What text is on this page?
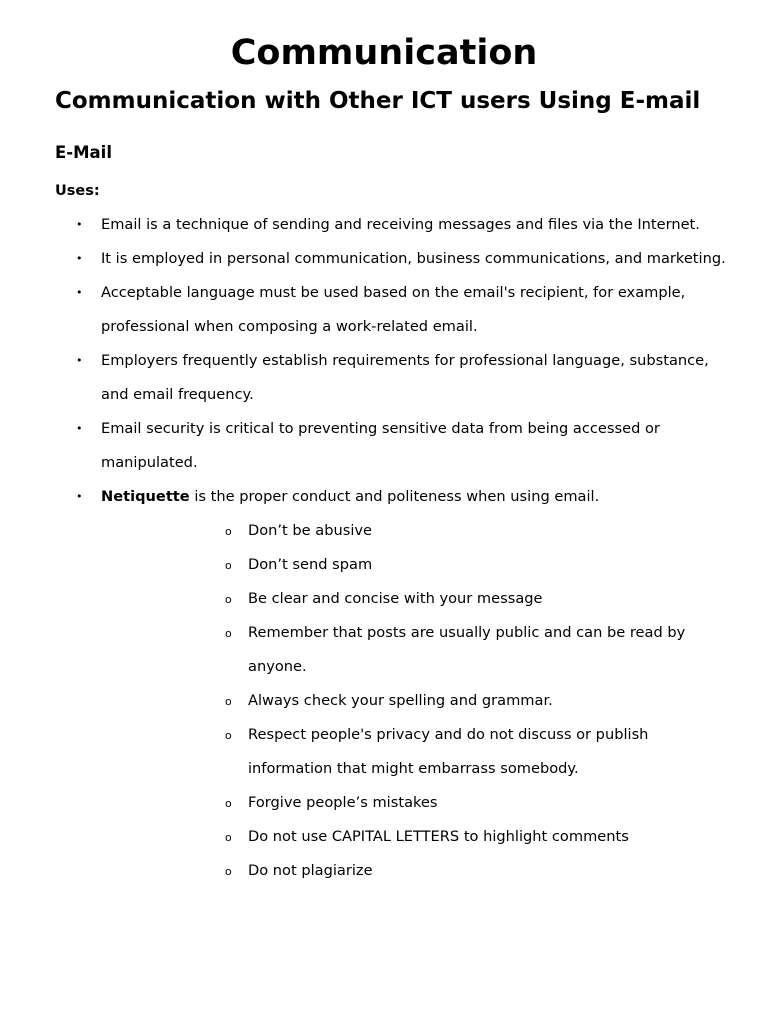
Communication
Communication with Other ICT users Using E-mail
E-Mail
Uses:
• Email is a technique of sending and receiving messages and files via the Internet.
• It is employed in personal communication, business communications, and marketing.
• Acceptable language must be used based on the email's recipient, for example, professional when composing a work-related email.
• Employers frequently establish requirements for professional language, substance, and email frequency.
• Email security is critical to preventing sensitive data from being accessed or manipulated.
• Netiquette is the proper conduct and politeness when using email.
o Don’t be abusive
o Don’t send spam
o Be clear and concise with your message
o Remember that posts are usually public and can be read by anyone.
o Always check your spelling and grammar.
o Respect people's privacy and do not discuss or publish information that might embarrass somebody.
o Forgive people’s mistakes
o Do not use CAPITAL LETTERS to highlight comments
o Do not plagiarize
